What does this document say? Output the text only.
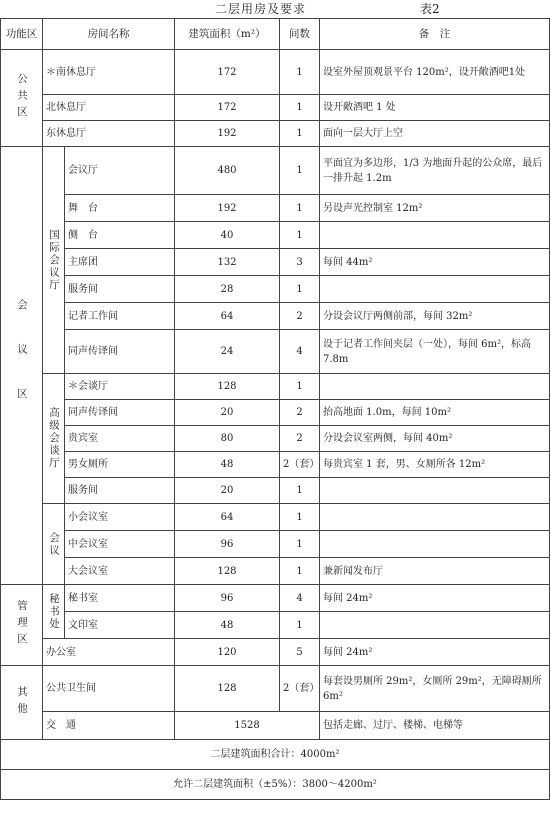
二层用房及要求	表2
功能区	房间名称		建筑面积（m²）	间数	备　注

公共区	＊南休息厅		172	1	设室外屋顶观景平台 120m²，设开敞酒吧1处
	北休息厅		172	1	设开敞酒吧 1 处
	东休息厅		192	1	面向一层大厅上空

会议区	国际会议厅	会议厅	480	1	平面宜为多边形，1/3 为地面升起的公众席，最后一排升起 1.2m
		舞　台	192	1	另设声光控制室 12m²
		侧　台	40	1	
		主席团	132	3	每间 44m²
		服务间	28	1	
		记者工作间	64	2	分设会议厅两侧前部，每间 32m²
		同声传译间	24	4	设于记者工作间夹层（一处），每间 6m²，标高 7.8m

	高级会谈厅	＊会谈厅	128	1	
		同声传译间	20	2	抬高地面 1.0m，每间 10m²
		贵宾室	80	2	分设会议室两侧，每间 40m²
		男女厕所	48	2（套）	每贵宾室 1 套，男、女厕所各 12m²
		服务间	20	1	

	会议	小会议室	64	1	
		中会议室	96	1	
		大会议室	128	1	兼新闻发布厅

管理区	秘书处	秘书室	96	4	每间 24m²
		文印室	48	1	
	办公室		120	5	每间 24m²

其他	公共卫生间		128	2（套）	每套设男厕所 29m²，女厕所 29m²，无障碍厕所 6m²
	交　通		1528		包括走廊、过厅、楼梯、电梯等
二层建筑面积合计：4000m²					
允许二层建筑面积（±5%）：3800～4200m²					
